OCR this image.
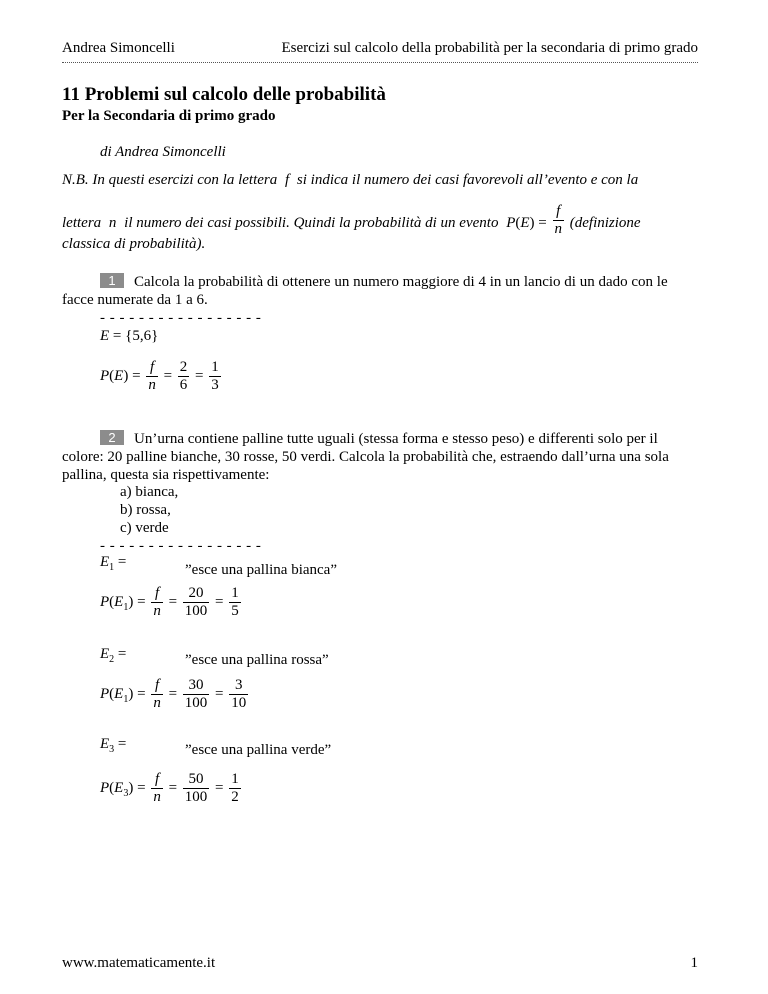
Andrea Simoncelli	Esercizi sul calcolo della probabilità per la secondaria di primo grado
11 Problemi sul calcolo delle probabilità
Per la Secondaria di primo grado
di Andrea Simoncelli
N.B. In questi esercizi con la lettera f si indica il numero dei casi favorevoli all’evento e con la
lettera n il numero dei casi possibili. Quindi la probabilità di un evento $P(E) = \frac{f}{n}$ (definizione
classica di probabilità).
1 Calcola la probabilità di ottenere un numero maggiore di 4 in un lancio di un dado con le
facce numerate da 1 a 6.
- - - - - - - - - - - - - - - - -
E = {5,6}
$P(E) = \frac{f}{n} = \frac{2}{6} = \frac{1}{3}$
2 Un’urna contiene palline tutte uguali (stessa forma e stesso peso) e differenti solo per il
colore: 20 palline bianche, 30 rosse, 50 verdi. Calcola la probabilità che, estraendo dall’urna una sola pallina, questa sia rispettivamente:
a) bianca,
b) rossa,
c) verde
- - - - - - - - - - - - - - - - -
$E_1$ =	”esce una pallina bianca”
$P(E_1) = \frac{f}{n} = \frac{20}{100} = \frac{1}{5}$
$E_2$ =	”esce una pallina rossa”
$P(E_1) = \frac{f}{n} = \frac{30}{100} = \frac{3}{10}$
$E_3$ =	”esce una pallina verde”
$P(E_3) = \frac{f}{n} = \frac{50}{100} = \frac{1}{2}$
www.matematicamente.it	1
